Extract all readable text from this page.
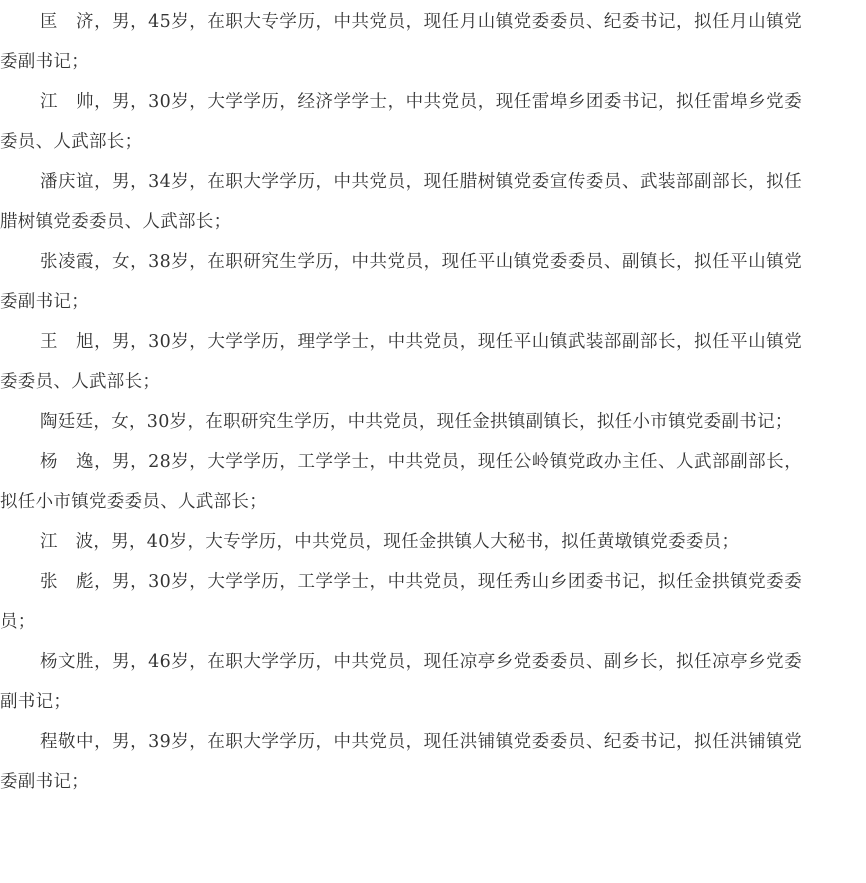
匡　济，男，45岁，在职大专学历，中共党员，现任月山镇党委委员、纪委书记，拟任月山镇党委副书记；

江　帅，男，30岁，大学学历，经济学学士，中共党员，现任雷埠乡团委书记，拟任雷埠乡党委委员、人武部长；

潘庆谊，男，34岁，在职大学学历，中共党员，现任腊树镇党委宣传委员、武装部副部长，拟任腊树镇党委委员、人武部长；

张凌霞，女，38岁，在职研究生学历，中共党员，现任平山镇党委委员、副镇长，拟任平山镇党委副书记；

王　旭，男，30岁，大学学历，理学学士，中共党员，现任平山镇武装部副部长，拟任平山镇党委委员、人武部长；

陶廷廷，女，30岁，在职研究生学历，中共党员，现任金拱镇副镇长，拟任小市镇党委副书记；

杨　逸，男，28岁，大学学历，工学学士，中共党员，现任公岭镇党政办主任、人武部副部长，拟任小市镇党委委员、人武部长；

江　波，男，40岁，大专学历，中共党员，现任金拱镇人大秘书，拟任黄墩镇党委委员；

张　彪，男，30岁，大学学历，工学学士，中共党员，现任秀山乡团委书记，拟任金拱镇党委委员；

杨文胜，男，46岁，在职大学学历，中共党员，现任凉亭乡党委委员、副乡长，拟任凉亭乡党委副书记；

程敬中，男，39岁，在职大学学历，中共党员，现任洪铺镇党委委员、纪委书记，拟任洪铺镇党委副书记；
